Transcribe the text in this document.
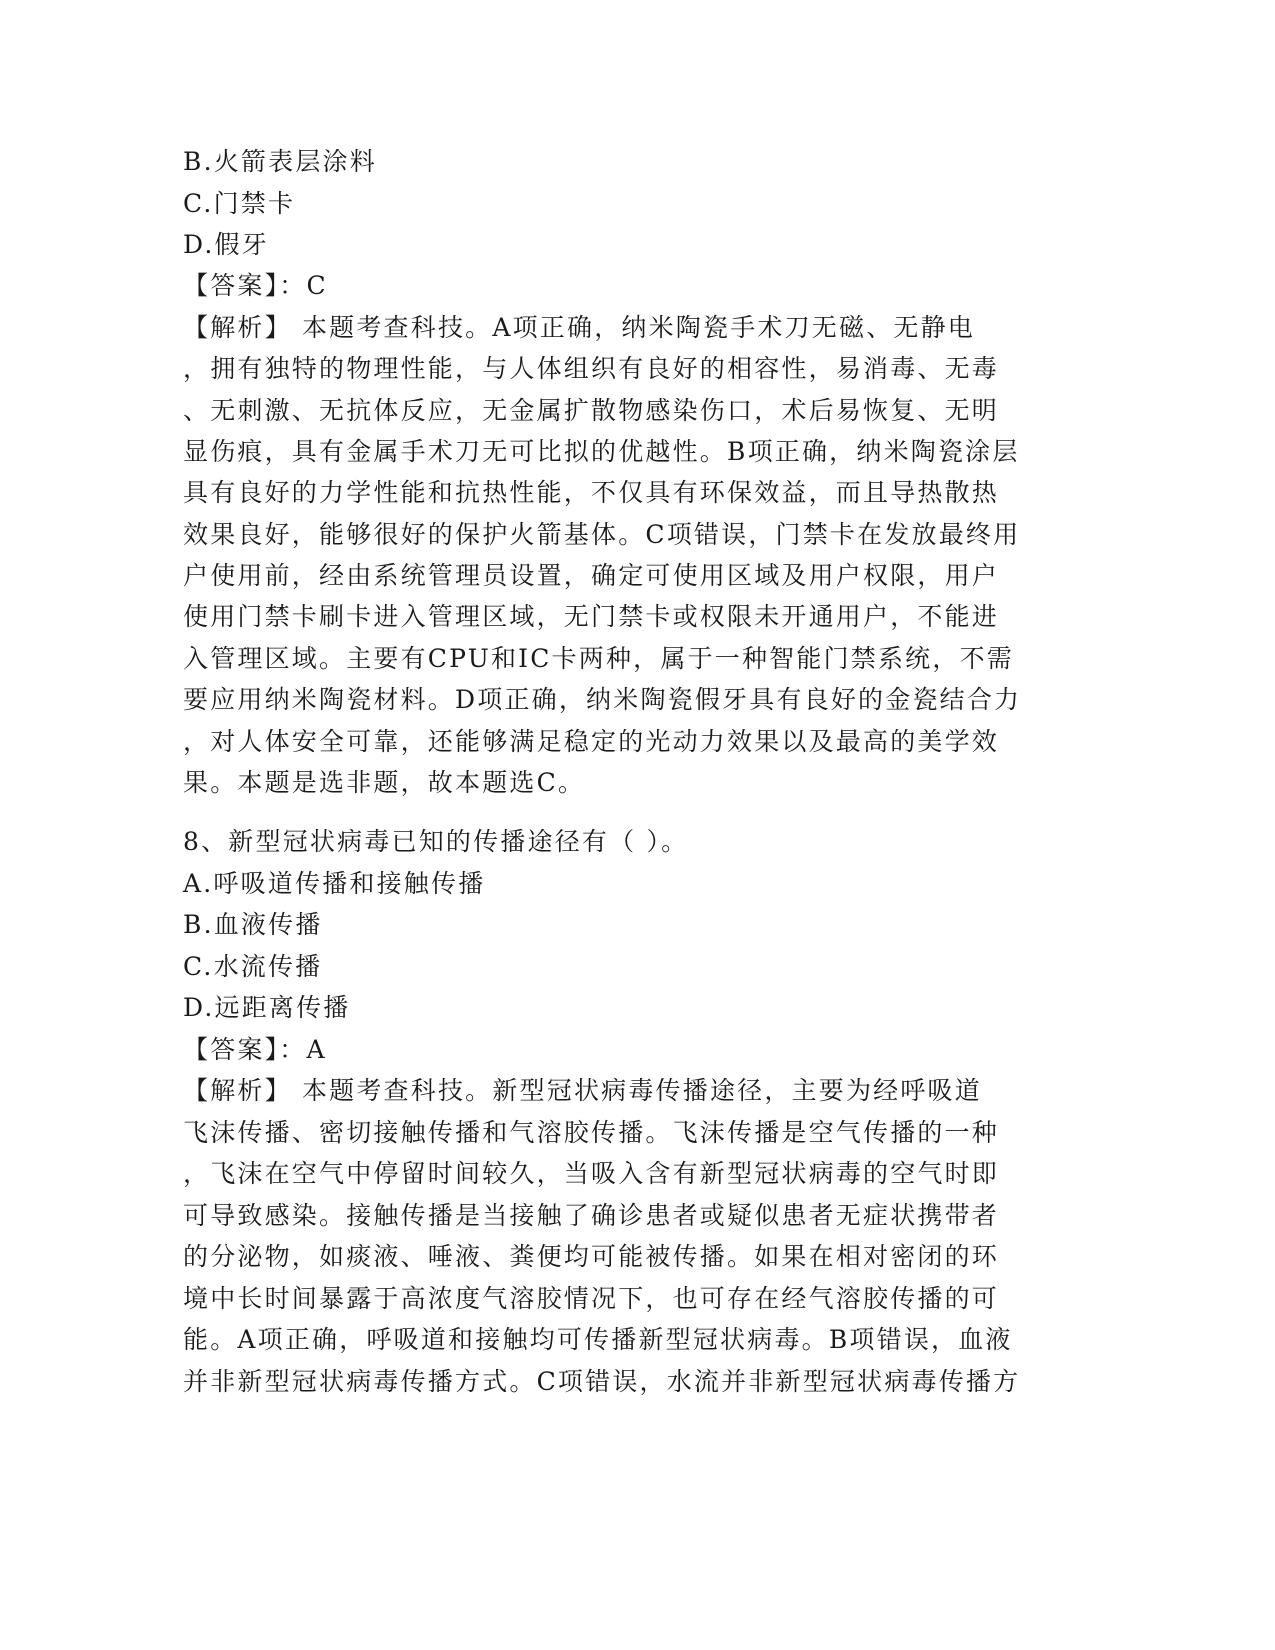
B.火箭表层涂料
C.门禁卡
D.假牙
【答案】：C
【解析】 本题考查科技。A项正确，纳米陶瓷手术刀无磁、无静电
，拥有独特的物理性能，与人体组织有良好的相容性，易消毒、无毒
、无刺激、无抗体反应，无金属扩散物感染伤口，术后易恢复、无明
显伤痕，具有金属手术刀无可比拟的优越性。B项正确，纳米陶瓷涂层
具有良好的力学性能和抗热性能，不仅具有环保效益，而且导热散热
效果良好，能够很好的保护火箭基体。C项错误，门禁卡在发放最终用
户使用前，经由系统管理员设置，确定可使用区域及用户权限，用户
使用门禁卡刷卡进入管理区域，无门禁卡或权限未开通用户，不能进
入管理区域。主要有CPU和IC卡两种，属于一种智能门禁系统，不需
要应用纳米陶瓷材料。D项正确，纳米陶瓷假牙具有良好的金瓷结合力
，对人体安全可靠，还能够满足稳定的光动力效果以及最高的美学效
果。本题是选非题，故本题选C。
8、新型冠状病毒已知的传播途径有（ ）。
A.呼吸道传播和接触传播
B.血液传播
C.水流传播
D.远距离传播
【答案】：A
【解析】 本题考查科技。新型冠状病毒传播途径，主要为经呼吸道
飞沫传播、密切接触传播和气溶胶传播。飞沫传播是空气传播的一种
，飞沫在空气中停留时间较久，当吸入含有新型冠状病毒的空气时即
可导致感染。接触传播是当接触了确诊患者或疑似患者无症状携带者
的分泌物，如痰液、唾液、粪便均可能被传播。如果在相对密闭的环
境中长时间暴露于高浓度气溶胶情况下，也可存在经气溶胶传播的可
能。A项正确，呼吸道和接触均可传播新型冠状病毒。B项错误，血液
并非新型冠状病毒传播方式。C项错误，水流并非新型冠状病毒传播方
